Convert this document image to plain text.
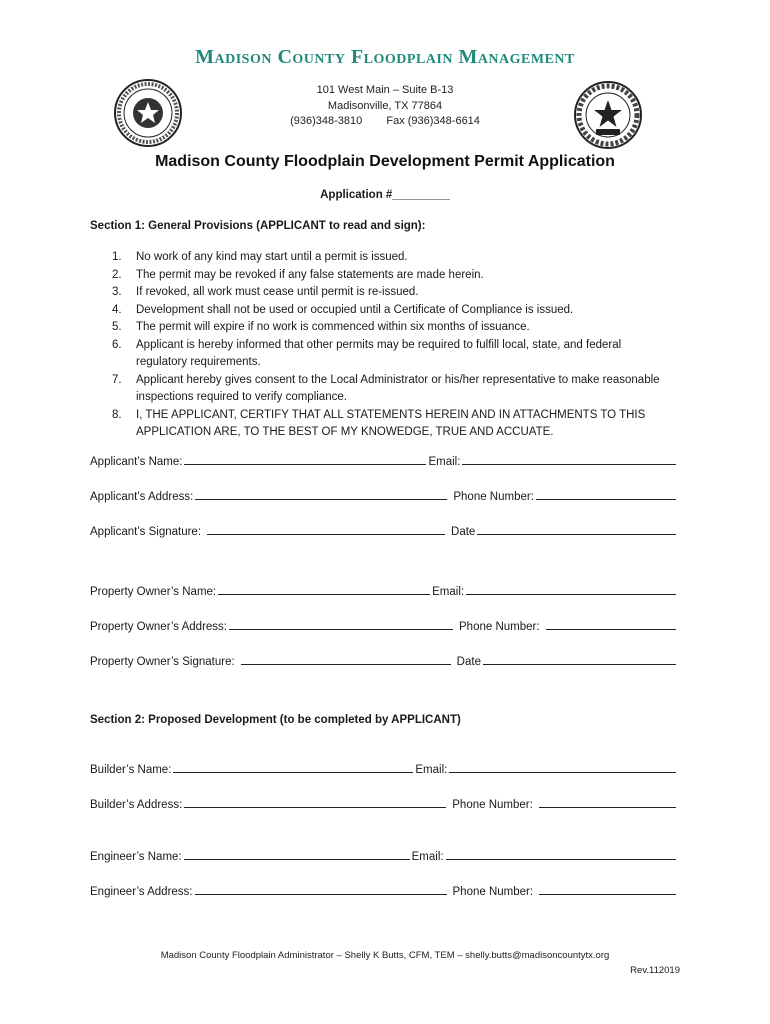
Madison County Floodplain Management
101 West Main – Suite B-13
Madisonville, TX 77864
(936)348-3810 Fax (936)348-6614
Madison County Floodplain Development Permit Application
Application #_________
Section 1: General Provisions (APPLICANT to read and sign):
1.	No work of any kind may start until a permit is issued.
2.	The permit may be revoked if any false statements are made herein.
3.	If revoked, all work must cease until permit is re-issued.
4.	Development shall not be used or occupied until a Certificate of Compliance is issued.
5.	The permit will expire if no work is commenced within six months of issuance.
6.	Applicant is hereby informed that other permits may be required to fulfill local, state, and federal regulatory requirements.
7.	Applicant hereby gives consent to the Local Administrator or his/her representative to make reasonable inspections required to verify compliance.
8.	I, THE APPLICANT, CERTIFY THAT ALL STATEMENTS HEREIN AND IN ATTACHMENTS TO THIS APPLICATION ARE, TO THE BEST OF MY KNOWEDGE, TRUE AND ACCUATE.
Applicant’s Name:	Email:
Applicant’s Address:	Phone Number:
Applicant’s Signature:	Date
Property Owner’s Name:	Email:
Property Owner’s Address:	Phone Number:
Property Owner’s Signature:	Date
Section 2: Proposed Development (to be completed by APPLICANT)
Builder’s Name:	Email:
Builder’s Address:	Phone Number:
Engineer’s Name:	Email:
Engineer’s Address:	Phone Number:
Madison County Floodplain Administrator – Shelly K Butts, CFM, TEM – shelly.butts@madisoncountytx.org
Rev.112019
